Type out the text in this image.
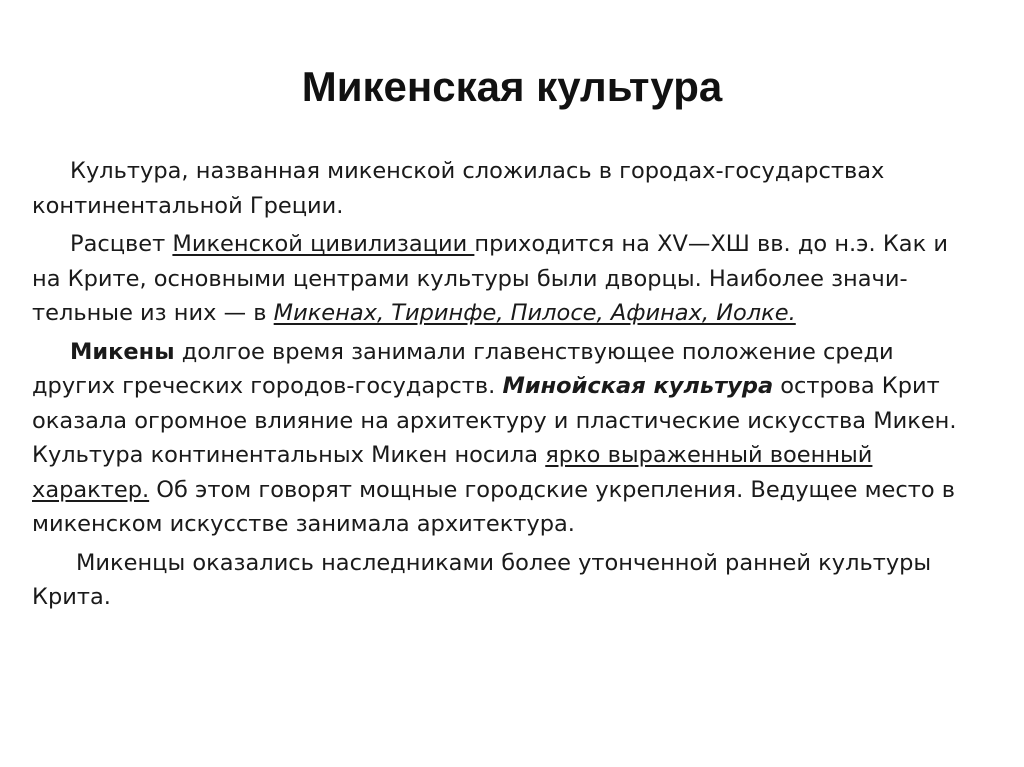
Микенская культура

Культура, названная микенской сложилась в городах-государствах
континентальной Греции.

Расцвет Микенской цивилизации приходится на XV—ХШ вв. до н.э. Как и
на Крите, основными центрами культуры были дворцы. Наиболее значи-
тельные из них — в Микенах, Тиринфе, Пилосе, Афинах, Иолке.

Микены долгое время занимали главенствующее положение среди
других греческих городов-государств. Минойская культура острова Крит
оказала огромное влияние на архитектуру и пластические искусства Микен.
Культура континентальных Микен носила ярко выраженный военный
характер. Об этом говорят мощные городские укрепления. Ведущее место в
микенском искусстве занимала архитектура.

Микенцы оказались наследниками более утонченной ранней культуры
Крита.
